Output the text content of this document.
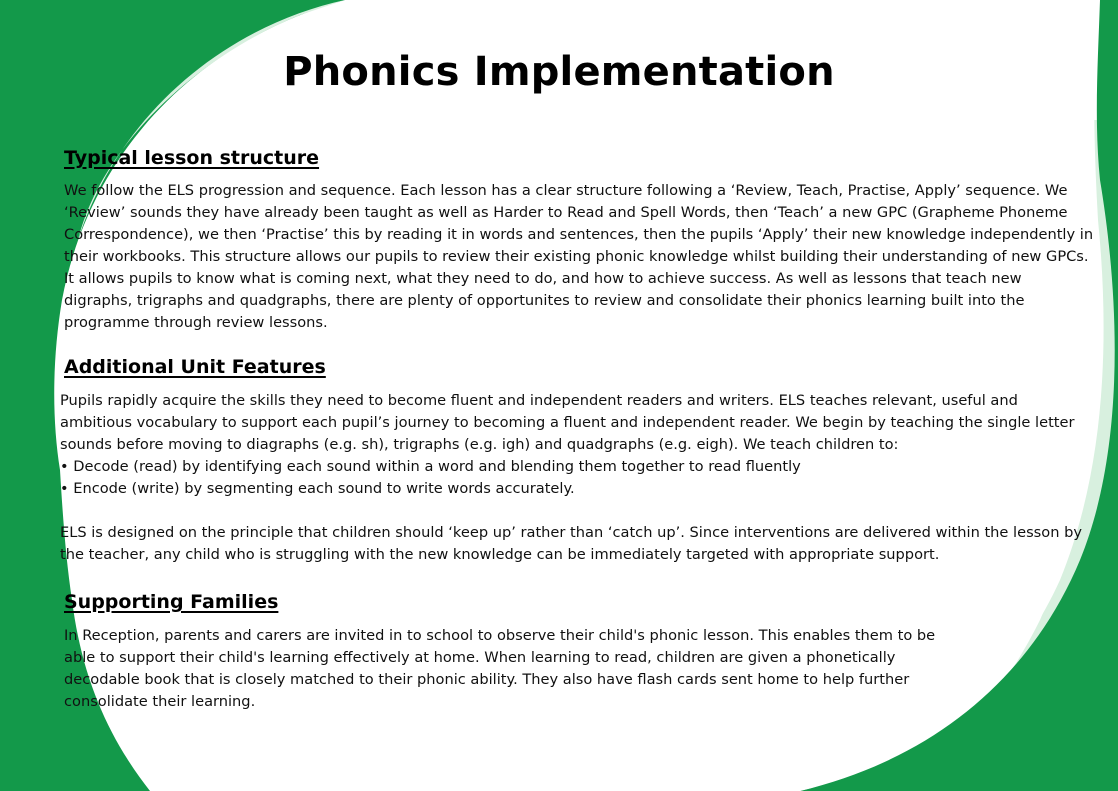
Phonics Implementation
Typical lesson structure

We follow the ELS progression and sequence. Each lesson has a clear structure following a ‘Review, Teach, Practise, Apply’ sequence. We ‘Review’ sounds they have already been taught as well as Harder to Read and Spell Words, then ‘Teach’ a new GPC (Grapheme Phoneme Correspondence), we then ‘Practise’ this by reading it in words and sentences, then the pupils ‘Apply’ their new knowledge independently in their workbooks. This structure allows our pupils to review their existing phonic knowledge whilst building their understanding of new GPCs. It allows pupils to know what is coming next, what they need to do, and how to achieve success. As well as lessons that teach new digraphs, trigraphs and quadgraphs, there are plenty of opportunites to review and consolidate their phonics learning built into the programme through review lessons.

Additional Unit Features
Pupils rapidly acquire the skills they need to become fluent and independent readers and writers. ELS teaches relevant, useful and ambitious vocabulary to support each pupil’s journey to becoming a fluent and independent reader. We begin by teaching the single letter sounds before moving to diagraphs (e.g. sh), trigraphs (e.g. igh) and quadgraphs (e.g. eigh). We teach children to:
• Decode (read) by identifying each sound within a word and blending them together to read fluently
• Encode (write) by segmenting each sound to write words accurately.

ELS is designed on the principle that children should ‘keep up’ rather than ‘catch up’. Since interventions are delivered within the lesson by the teacher, any child who is struggling with the new knowledge can be immediately targeted with appropriate support.

Supporting Families

In Reception, parents and carers are invited in to school to observe their child's phonic lesson. This enables them to be able to support their child's learning effectively at home. When learning to read, children are given a phonetically decodable book that is closely matched to their phonic ability. They also have flash cards sent home to help further consolidate their learning.
